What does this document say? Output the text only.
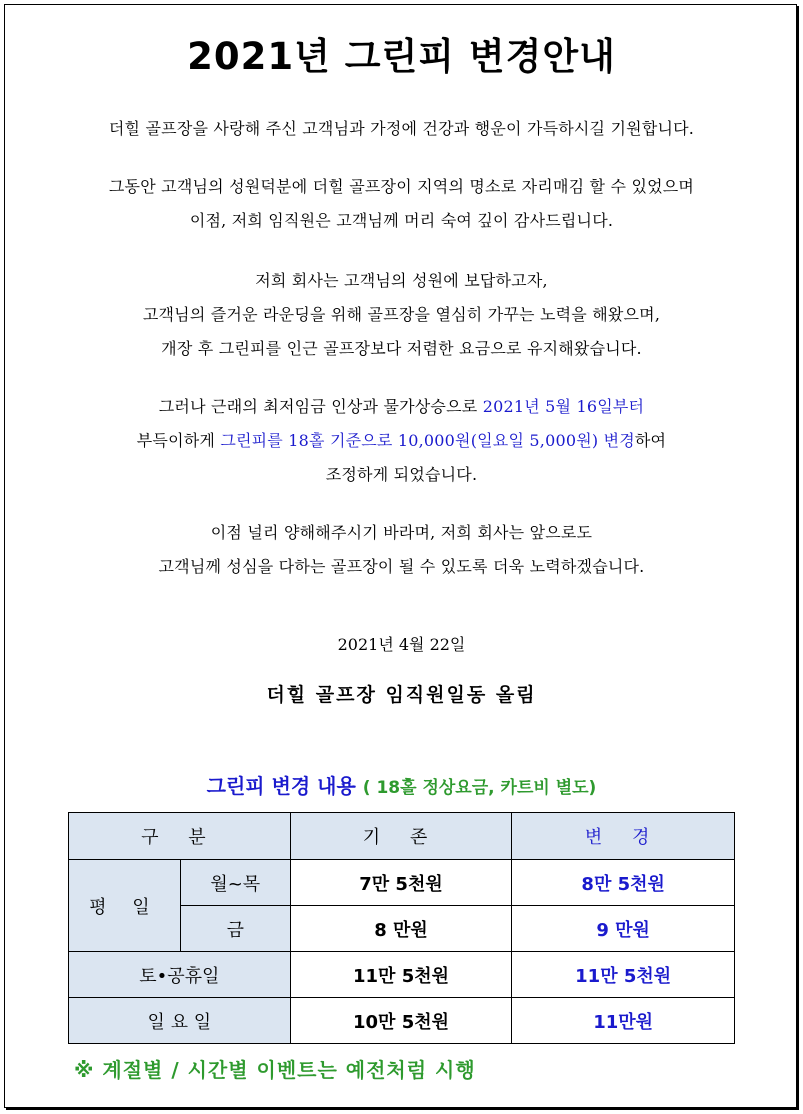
2021년 그린피 변경안내
더힐 골프장을 사랑해 주신 고객님과 가정에 건강과 행운이 가득하시길 기원합니다.
그동안 고객님의 성원덕분에 더힐 골프장이 지역의 명소로 자리매김 할 수 있었으며
이점, 저희 임직원은 고객님께 머리 숙여 깊이 감사드립니다.
저희 회사는 고객님의 성원에 보답하고자,
고객님의 즐거운 라운딩을 위해 골프장을 열심히 가꾸는 노력을 해왔으며,
개장 후 그린피를 인근 골프장보다 저렴한 요금으로 유지해왔습니다.
그러나 근래의 최저임금 인상과 물가상승으로 2021년 5월 16일부터
부득이하게 그린피를 18홀 기준으로 10,000원(일요일 5,000원) 변경하여
조정하게 되었습니다.
이점 널리 양해해주시기 바라며, 저희 회사는 앞으로도
고객님께 성심을 다하는 골프장이 될 수 있도록 더욱 노력하겠습니다.
2021년 4월 22일
더힐 골프장 임직원일동 올림
그린피 변경 내용 ( 18홀 정상요금, 카트비 별도)
구 분		기 존	변 경
평 일	월~목	7만 5천원	8만 5천원
	금	8 만원	9 만원
토•공휴일		11만 5천원	11만 5천원
일 요 일		10만 5천원	11만원
※ 계절별 / 시간별 이벤트는 예전처럼 시행
